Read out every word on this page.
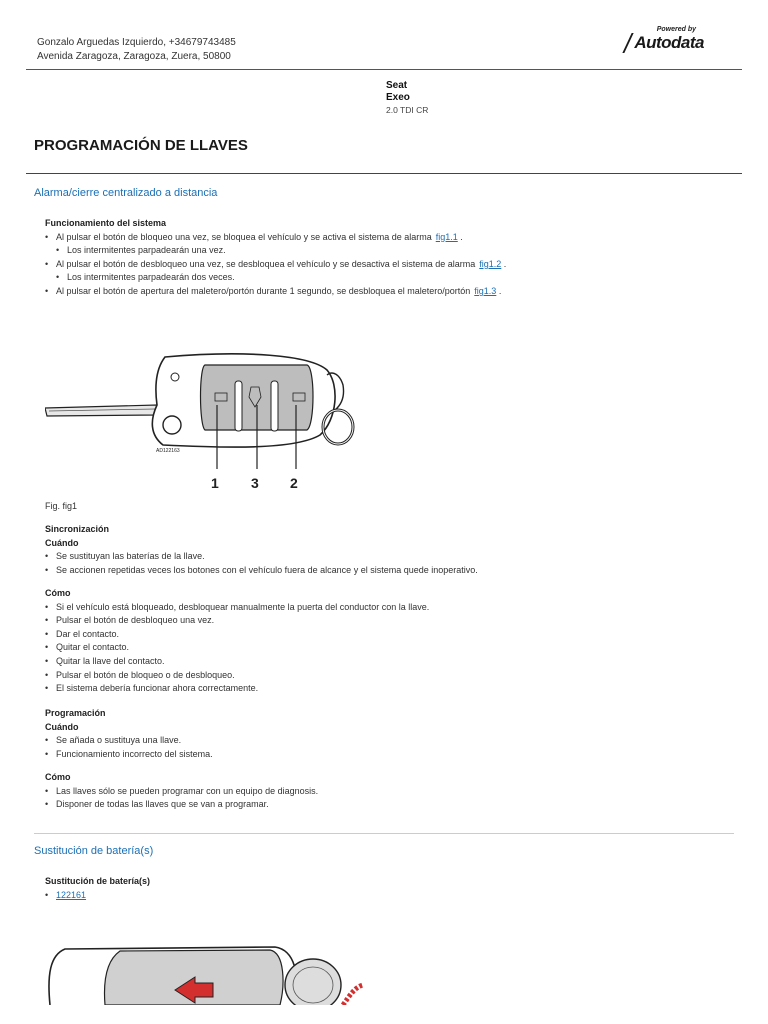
Gonzalo Arguedas Izquierdo, +34679743485
Avenida Zaragoza, Zaragoza, Zuera, 50800
Powered by
Autodata
Seat
Exeo
2.0 TDI CR
PROGRAMACIÓN DE LLAVES
Alarma/cierre centralizado a distancia
Funcionamiento del sistema
• Al pulsar el botón de bloqueo una vez, se bloquea el vehículo y se activa el sistema de alarma fig1.1 .
• Los intermitentes parpadearán una vez.
• Al pulsar el botón de desbloqueo una vez, se desbloquea el vehículo y se desactiva el sistema de alarma fig1.2 .
• Los intermitentes parpadearán dos veces.
• Al pulsar el botón de apertura del maletero/portón durante 1 segundo, se desbloquea el maletero/portón fig1.3 .
AD122163
1 3 2
Fig. fig1
Sincronización
Cuándo
• Se sustituyan las baterías de la llave.
• Se accionen repetidas veces los botones con el vehículo fuera de alcance y el sistema quede inoperativo.
Cómo
• Si el vehículo está bloqueado, desbloquear manualmente la puerta del conductor con la llave.
• Pulsar el botón de desbloqueo una vez.
• Dar el contacto.
• Quitar el contacto.
• Quitar la llave del contacto.
• Pulsar el botón de bloqueo o de desbloqueo.
• El sistema debería funcionar ahora correctamente.
Programación
Cuándo
• Se añada o sustituya una llave.
• Funcionamiento incorrecto del sistema.
Cómo
• Las llaves sólo se pueden programar con un equipo de diagnosis.
• Disponer de todas las llaves que se van a programar.
Sustitución de batería(s)
Sustitución de batería(s)
• 122161
